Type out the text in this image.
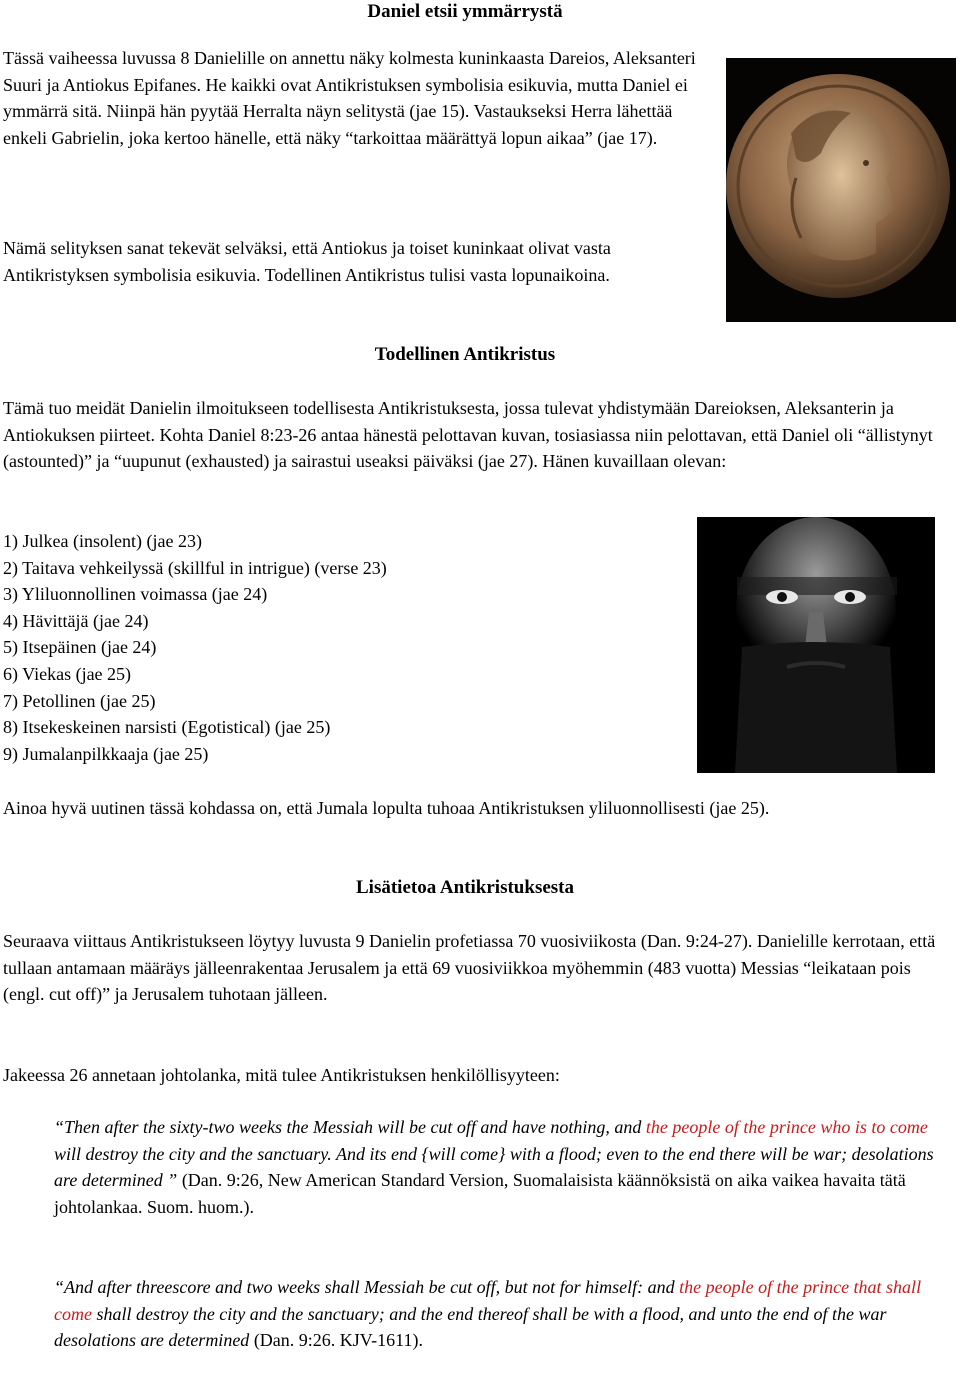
Daniel etsii ymmärrystä

Tässä vaiheessa luvussa 8 Danielille on annettu näky kolmesta kuninkaasta Dareios, Aleksanteri Suuri ja Antiokus Epifanes. He kaikki ovat Antikristuksen symbolisia esikuvia, mutta Daniel ei ymmärrä sitä. Niinpä hän pyytää Herralta näyn selitystä (jae 15). Vastaukseksi Herra lähettää enkeli Gabrielin, joka kertoo hänelle, että näky “tarkoittaa määrättyä lopun aikaa” (jae 17).

Nämä selityksen sanat tekevät selväksi, että Antiokus ja toiset kuninkaat olivat vasta Antikristyksen symbolisia esikuvia. Todellinen Antikristus tulisi vasta lopunaikoina.

Todellinen Antikristus

Tämä tuo meidät Danielin ilmoitukseen todellisesta Antikristuksesta, jossa tulevat yhdistymään Dareioksen, Aleksanterin ja Antiokuksen piirteet. Kohta Daniel 8:23-26 antaa hänestä pelottavan kuvan, tosiasiassa niin pelottavan, että Daniel oli “ällistynyt (astounted)” ja “uupunut (exhausted) ja sairastui useaksi päiväksi (jae 27). Hänen kuvaillaan olevan:

1) Julkea (insolent) (jae 23)
2) Taitava vehkeilyssä (skillful in intrigue) (verse 23)
3) Yliluonnollinen voimassa (jae 24)
4) Hävittäjä (jae 24)
5) Itsepäinen (jae 24)
6) Viekas (jae 25)
7) Petollinen (jae 25)
8) Itsekeskeinen narsisti (Egotistical) (jae 25)
9) Jumalanpilkkaaja (jae 25)

Ainoa hyvä uutinen tässä kohdassa on, että Jumala lopulta tuhoaa Antikristuksen yliluonnollisesti (jae 25).

Lisätietoa Antikristuksesta

Seuraava viittaus Antikristukseen löytyy luvusta 9 Danielin profetiassa 70 vuosiviikosta (Dan. 9:24-27). Danielille kerrotaan, että tullaan antamaan määräys jälleenrakentaa Jerusalem ja että 69 vuosiviikkoa myöhemmin (483 vuotta) Messias “leikataan pois (engl. cut off)” ja Jerusalem tuhotaan jälleen.

Jakeessa 26 annetaan johtolanka, mitä tulee Antikristuksen henkilöllisyyteen:

“Then after the sixty-two weeks the Messiah will be cut off and have nothing, and the people of the prince who is to come will destroy the city and the sanctuary. And its end {will come} with a flood; even to the end there will be war; desolations are determined ” (Dan. 9:26, New American Standard Version, Suomalaisista käännöksistä on aika vaikea havaita tätä johtolankaa. Suom. huom.).

“And after threescore and two weeks shall Messiah be cut off, but not for himself: and the people of the prince that shall come shall destroy the city and the sanctuary; and the end thereof shall be with a flood, and unto the end of the war desolations are determined (Dan. 9:26. KJV-1611).
